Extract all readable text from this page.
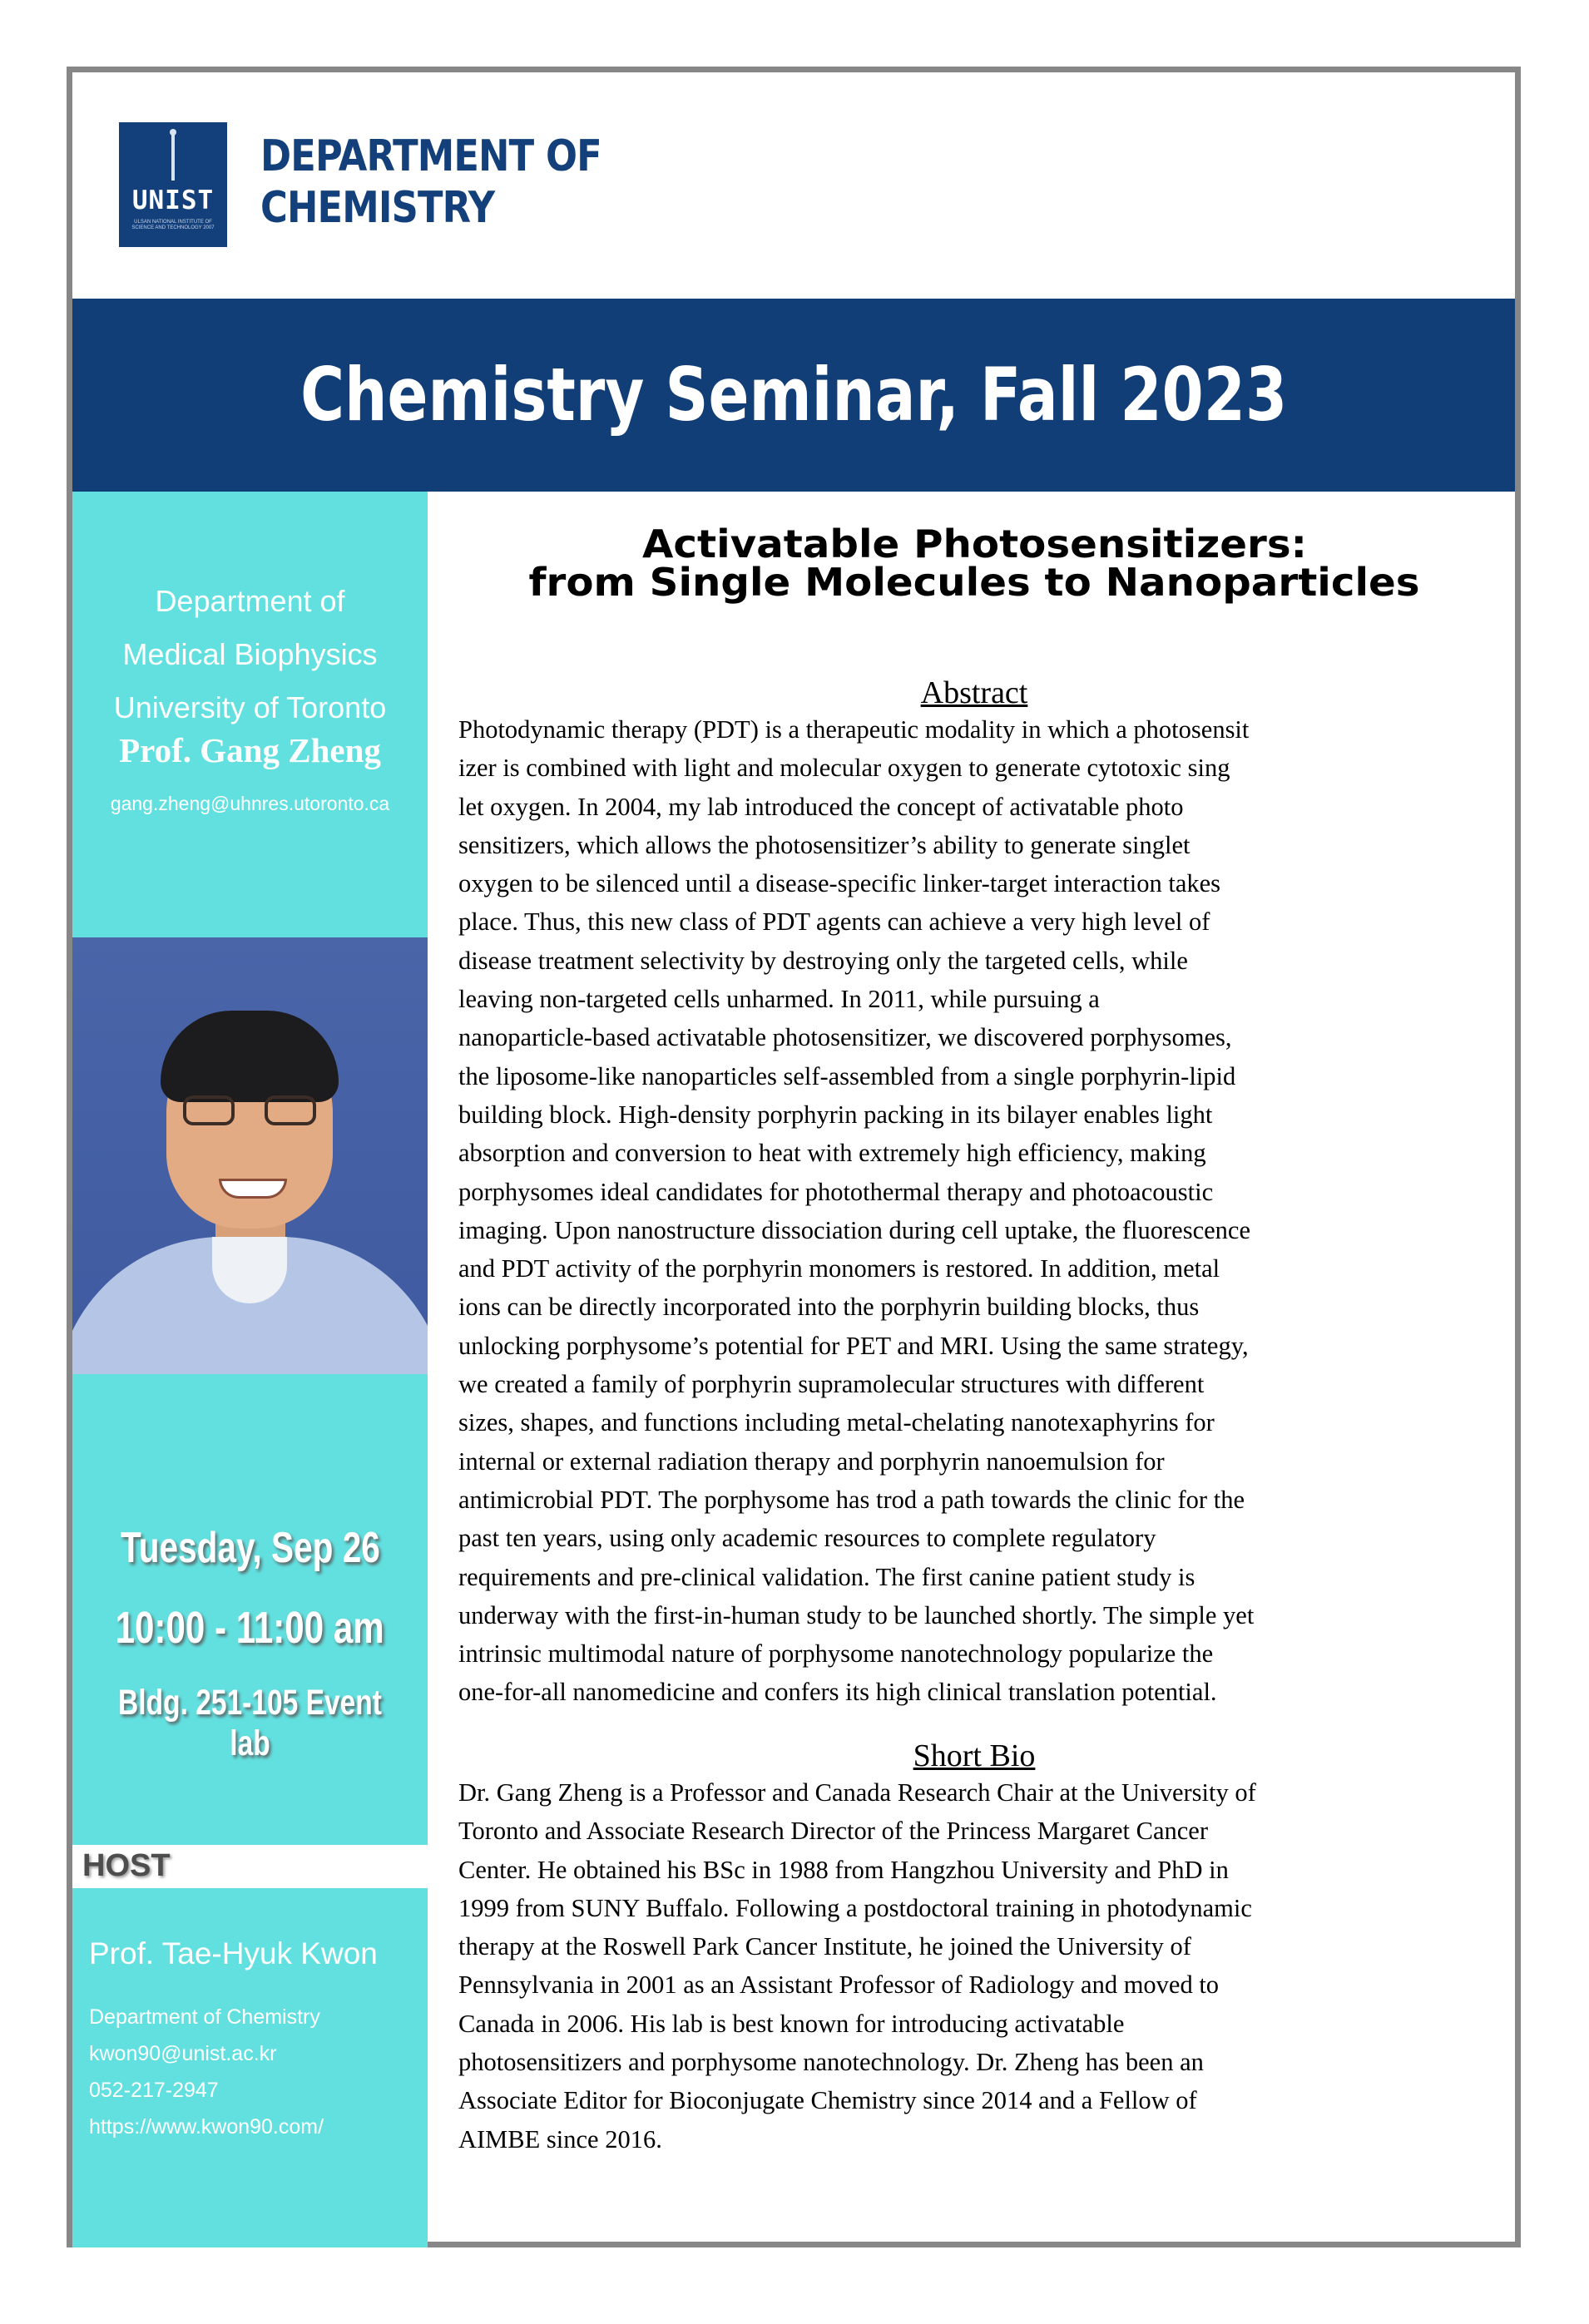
UNIST
ULSAN NATIONAL INSTITUTE OF SCIENCE AND TECHNOLOGY 2007
DEPARTMENT OF
CHEMISTRY
Chemistry Seminar, Fall 2023
Department of
Medical Biophysics
University of Toronto
Prof. Gang Zheng
gang.zheng@uhnres.utoronto.ca
Tuesday, Sep 26
10:00 - 11:00 am
Bldg. 251-105 Event lab
HOST
Prof. Tae-Hyuk Kwon
Department of Chemistry
kwon90@unist.ac.kr
052-217-2947
https://www.kwon90.com/
Activatable Photosensitizers:
from Single Molecules to Nanoparticles
Abstract
Photodynamic therapy (PDT) is a therapeutic modality in which a photosensit
izer is combined with light and molecular oxygen to generate cytotoxic sing
let oxygen. In 2004, my lab introduced the concept of activatable photo
sensitizers, which allows the photosensitizer’s ability to generate singlet
oxygen to be silenced until a disease-specific linker-target interaction takes
place. Thus, this new class of PDT agents can achieve a very high level of
disease treatment selectivity by destroying only the targeted cells, while
leaving non-targeted cells unharmed. In 2011, while pursuing a
nanoparticle-based activatable photosensitizer, we discovered porphysomes,
the liposome-like nanoparticles self-assembled from a single porphyrin-lipid
building block. High-density porphyrin packing in its bilayer enables light
absorption and conversion to heat with extremely high efficiency, making
porphysomes ideal candidates for photothermal therapy and photoacoustic
imaging. Upon nanostructure dissociation during cell uptake, the fluorescence
and PDT activity of the porphyrin monomers is restored. In addition, metal
ions can be directly incorporated into the porphyrin building blocks, thus
unlocking porphysome’s potential for PET and MRI. Using the same strategy,
we created a family of porphyrin supramolecular structures with different
sizes, shapes, and functions including metal-chelating nanotexaphyrins for
internal or external radiation therapy and porphyrin nanoemulsion for
antimicrobial PDT. The porphysome has trod a path towards the clinic for the
past ten years, using only academic resources to complete regulatory
requirements and pre-clinical validation. The first canine patient study is
underway with the first-in-human study to be launched shortly. The simple yet
intrinsic multimodal nature of porphysome nanotechnology popularize the
one-for-all nanomedicine and confers its high clinical translation potential.
Short Bio
Dr. Gang Zheng is a Professor and Canada Research Chair at the University of
Toronto and Associate Research Director of the Princess Margaret Cancer
Center. He obtained his BSc in 1988 from Hangzhou University and PhD in
1999 from SUNY Buffalo. Following a postdoctoral training in photodynamic
therapy at the Roswell Park Cancer Institute, he joined the University of
Pennsylvania in 2001 as an Assistant Professor of Radiology and moved to
Canada in 2006. His lab is best known for introducing activatable
photosensitizers and porphysome nanotechnology. Dr. Zheng has been an
Associate Editor for Bioconjugate Chemistry since 2014 and a Fellow of
AIMBE since 2016.
